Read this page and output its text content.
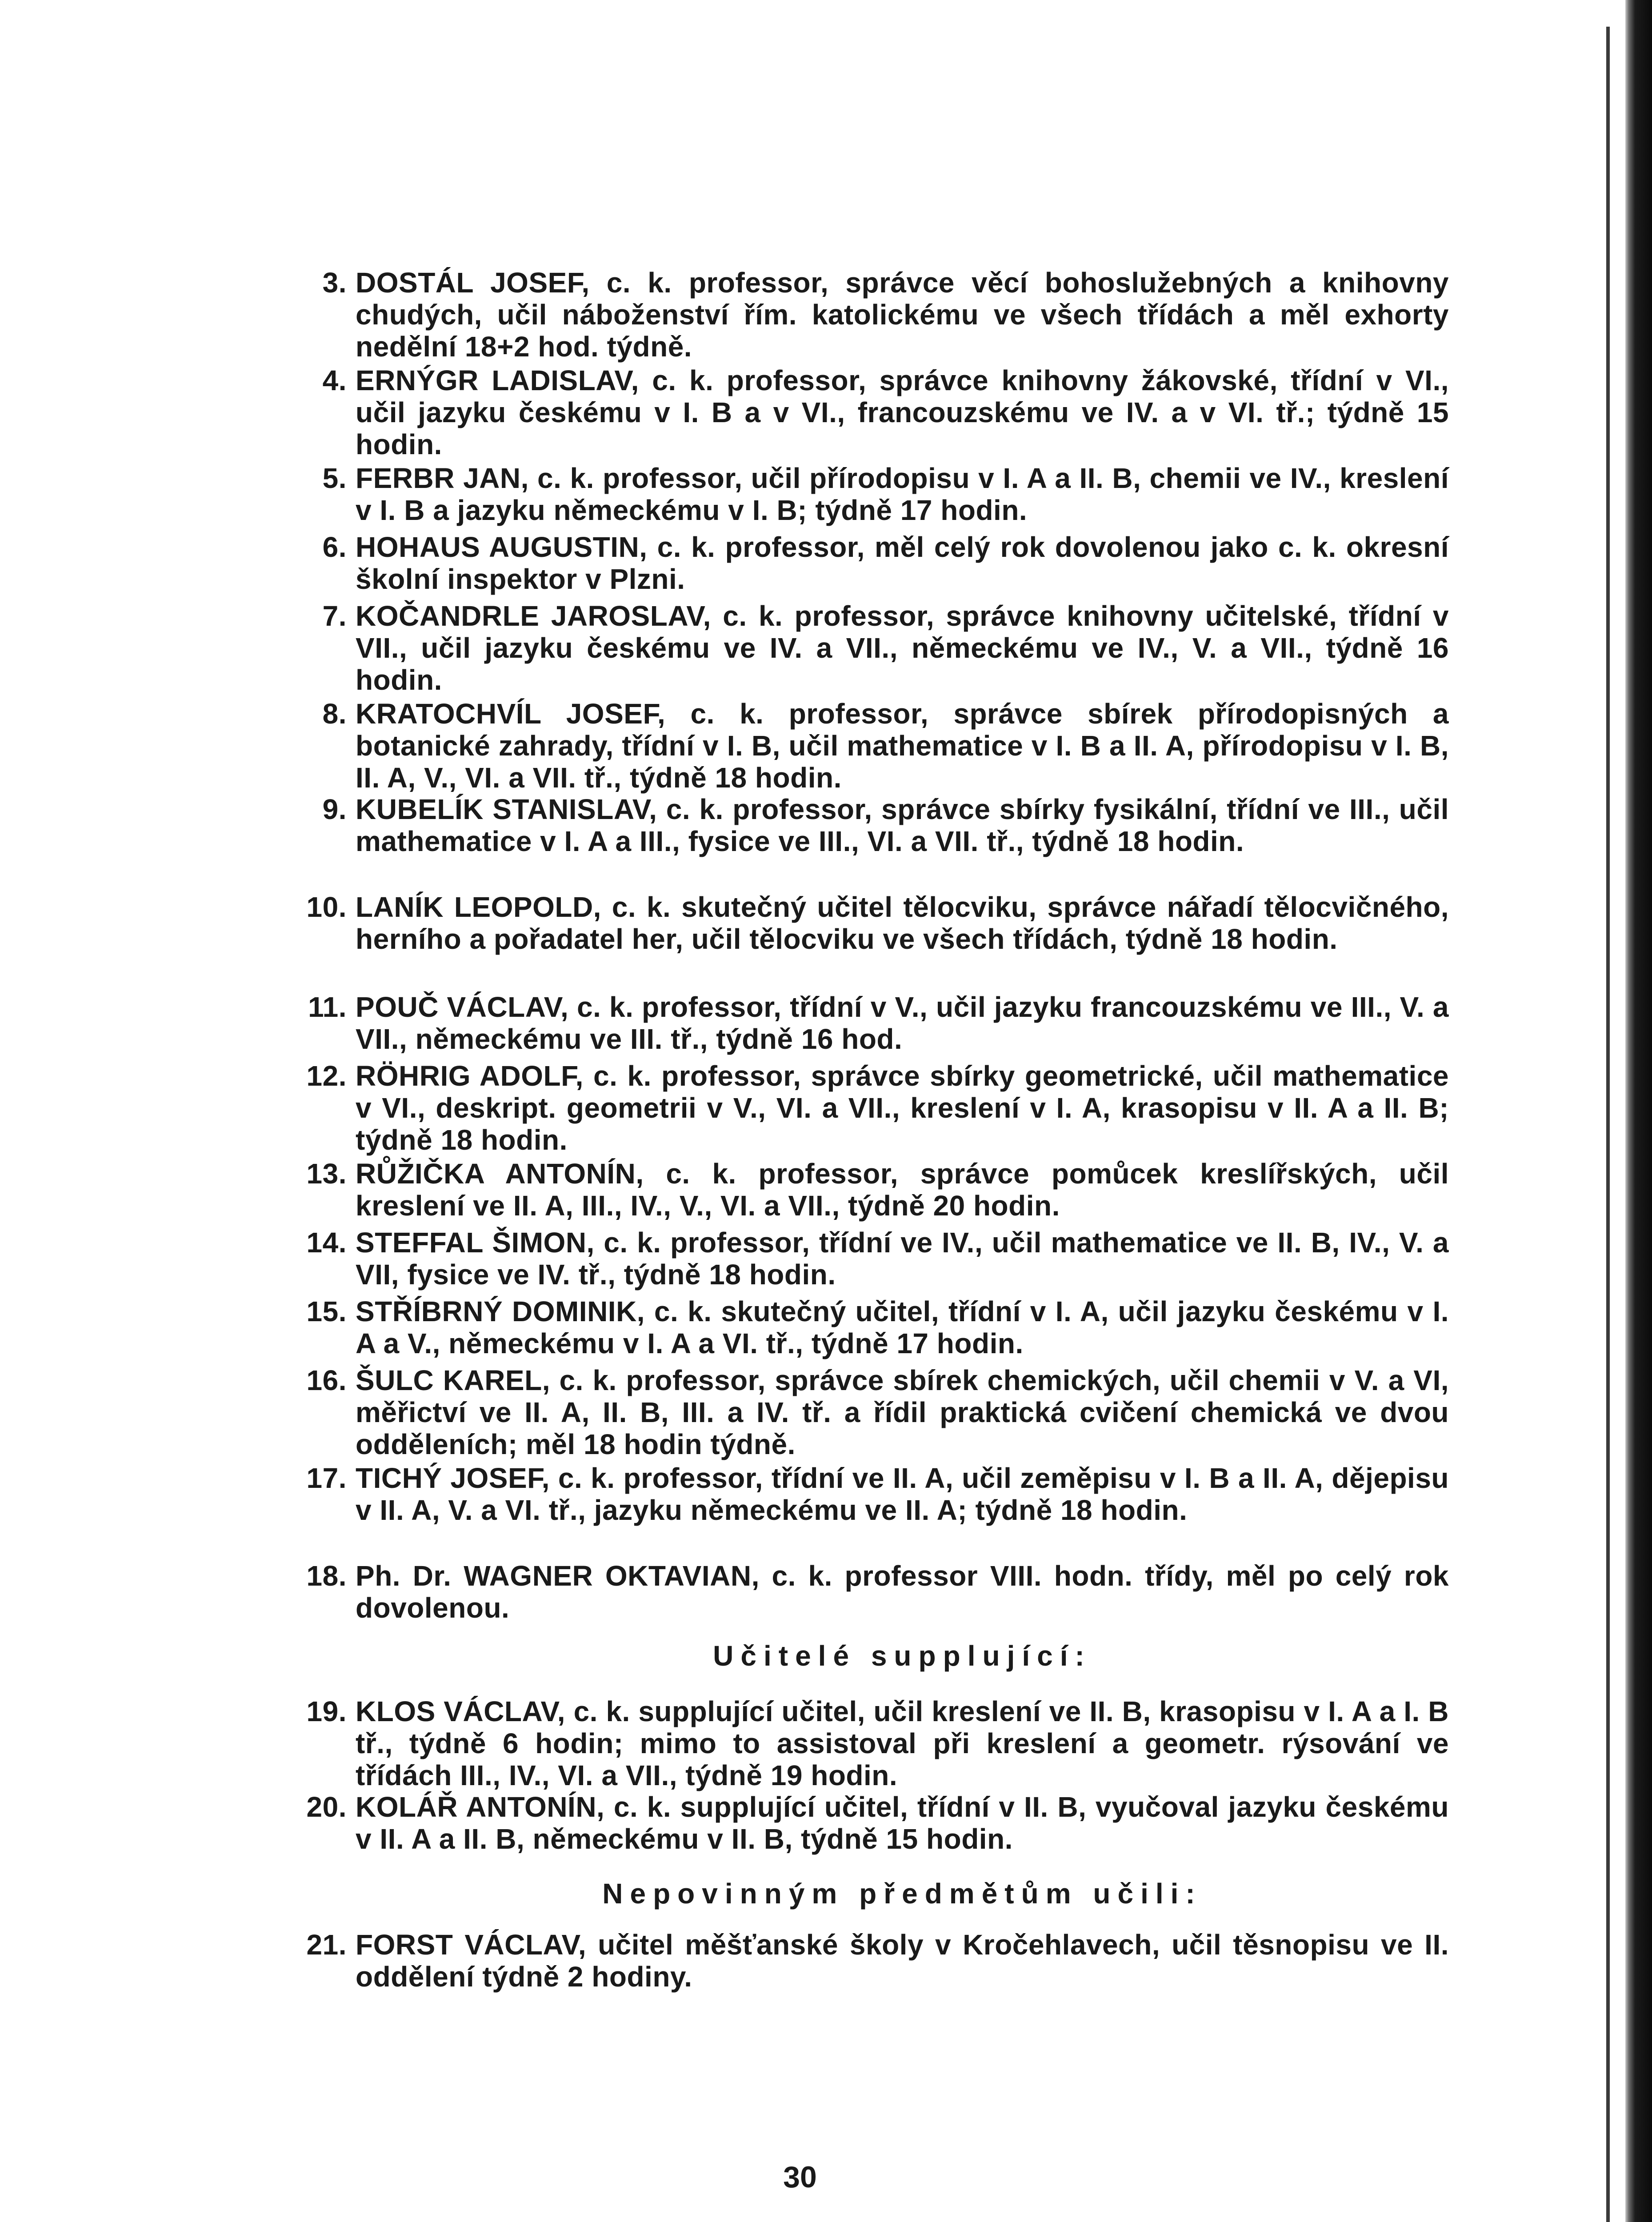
3. DOSTÁL JOSEF, c. k. professor, správce věcí bohoslužebných a knihovny chudých, učil náboženství řím. katolickému ve všech třídách a měl exhorty nedělní 18+2 hod. týdně.
4. ERNÝGR LADISLAV, c. k. professor, správce knihovny žákovské, třídní v VI., učil jazyku českému v I. B a v VI., francouzskému ve IV. a v VI. tř.; týdně 15 hodin.
5. FERBR JAN, c. k. professor, učil přírodopisu v I. A a II. B, chemii ve IV., kreslení v I. B a jazyku německému v I. B; týdně 17 hodin.
6. HOHAUS AUGUSTIN, c. k. professor, měl celý rok dovolenou jako c. k. okresní školní inspektor v Plzni.
7. KOČANDRLE JAROSLAV, c. k. professor, správce knihovny učitelské, třídní v VII., učil jazyku českému ve IV. a VII., německému ve IV., V. a VII., týdně 16 hodin.
8. KRATOCHVÍL JOSEF, c. k. professor, správce sbírek přírodopisných a botanické zahrady, třídní v I. B, učil mathematice v I. B a II. A, přírodopisu v I. B, II. A, V., VI. a VII. tř., týdně 18 hodin.
9. KUBELÍK STANISLAV, c. k. professor, správce sbírky fysikální, třídní ve III., učil mathematice v I. A a III., fysice ve III., VI. a VII. tř., týdně 18 hodin.
10. LANÍK LEOPOLD, c. k. skutečný učitel tělocviku, správce nářadí tělocvičného, herního a pořadatel her, učil tělocviku ve všech třídách, týdně 18 hodin.
11. POUČ VÁCLAV, c. k. professor, třídní v V., učil jazyku francouzskému ve III., V. a VII., německému ve III. tř., týdně 16 hod.
12. RÖHRIG ADOLF, c. k. professor, správce sbírky geometrické, učil mathematice v VI., deskript. geometrii v V., VI. a VII., kreslení v I. A, krasopisu v II. A a II. B; týdně 18 hodin.
13. RŮŽIČKA ANTONÍN, c. k. professor, správce pomůcek kreslířských, učil kreslení ve II. A, III., IV., V., VI. a VII., týdně 20 hodin.
14. STEFFAL ŠIMON, c. k. professor, třídní ve IV., učil mathematice ve II. B, IV., V. a VII, fysice ve IV. tř., týdně 18 hodin.
15. STŘÍBRNÝ DOMINIK, c. k. skutečný učitel, třídní v I. A, učil jazyku českému v I. A a V., německému v I. A a VI. tř., týdně 17 hodin.
16. ŠULC KAREL, c. k. professor, správce sbírek chemických, učil chemii v V. a VI, měřictví ve II. A, II. B, III. a IV. tř. a řídil praktická cvičení chemická ve dvou odděleních; měl 18 hodin týdně.
17. TICHÝ JOSEF, c. k. professor, třídní ve II. A, učil zeměpisu v I. B a II. A, dějepisu v II. A, V. a VI. tř., jazyku německému ve II. A; týdně 18 hodin.
18. Ph. Dr. WAGNER OKTAVIAN, c. k. professor VIII. hodn. třídy, měl po celý rok dovolenou.
Učitelé supplující:
19. KLOS VÁCLAV, c. k. supplující učitel, učil kreslení ve II. B, krasopisu v I. A a I. B tř., týdně 6 hodin; mimo to assistoval při kreslení a geometr. rýsování ve třídách III., IV., VI. a VII., týdně 19 hodin.
20. KOLÁŘ ANTONÍN, c. k. supplující učitel, třídní v II. B, vyučoval jazyku českému v II. A a II. B, německému v II. B, týdně 15 hodin.
Nepovinným předmětům učili:
21. FORST VÁCLAV, učitel měšťanské školy v Kročehlavech, učil těsnopisu ve II. oddělení týdně 2 hodiny.
30
